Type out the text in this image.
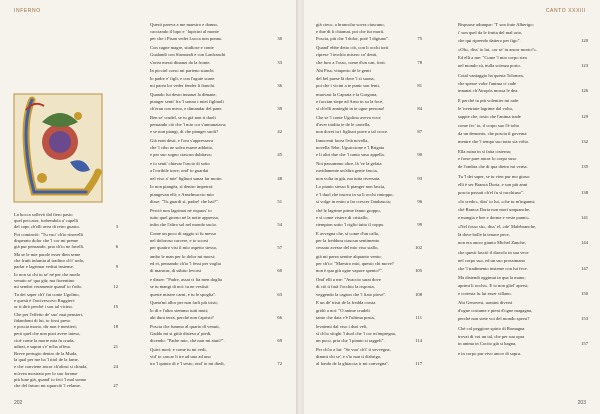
INFERNO
202
La bocca sollevò dal fiero pasto
quel peccator, forbendola a' capelli
del capo ch'elli avea di retro guasto.
Poi cominciò: "Tu vuo' ch'io rinovelli
disperato dolor che 'l cor mi preme
già pur pensando, pria ch'io ne favelli.
Ma se le mie parole esser dien seme
che frutti infamia al traditor ch'i' rodo,
parlar e lagrimar vedrai insieme.
Io non so chi tu se' né per che modo
venuto se' qua giù; ma fiorentino
mi sembri veramente quand' io t'odo.
Tu dei saper ch'i' fui conte Ugolino,
e questi è l'arcivescovo Ruggieri:
or ti dirò perché i son tal vicino.
Che per l'effetto de' suo' mai pensieri,
fidandomi di lui, io fossi preso
e poscia morto, dir non è mestieri;
però quel che non puoi avere inteso,
cioè come la morte mia fu cruda,
udirai, e saprai s'e' m'ha offeso.
Breve pertugio dentro de la Muda,
la qual per me ha 'l titol de la fame,
e che conviene ancor ch'altrui si chiuda,
m'avea mostrato per lo suo forame
più lune già, quand' io feci 'l mal sonno
che del futuro mi squarciò 'l velame.
3
6
9
12
15
18
21
24
27
Questi pareva a me maestro e donno,
cacciando il lupo e ' lupicini al monte
per che i Pisan veder Lucca non ponno.
Con cagne magre, studiose e conte
Gualandi con Sismondi e con Lanfranchi
s'avea messi dinanzi da la fronte.
In picciol corso mi parieno stanchi
lo padre e' figli, e con l'agute scane
mi parea lor veder fender li fianchi.
Quando fui desto innanzi la dimane,
pianger senti' fra 'l sonno i miei figliuoli
ch'eran con meco, e dimandar del pane.
Ben se' crudel, se tu già non ti duoli
pensando ciò che 'l mio cor s'annunziava;
e se non piangi, di che pianger suoli?
Già eran desti, e l'ora s'appressava
che 'l cibo ne solea essere addotto,
e per suo sogno ciascun dubitava;
e io senti' chiavar l'uscio di sotto
a l'orribile torre; ond' io guardai
nel viso a' mie' figliuoi sanza far motto.
Io non piangëa, sì dentro impetrai:
piangevan elli; e Anselmuccio mio
disse: "Tu guardi sì, padre! che hai?".
Perciò non lagrimai né rispuos' io
tutto quel giorno né la notte appresso,
infin che l'altro sol nel mondo uscìo.
Come un poco di raggio si fu messo
nel doloroso carcere, e io scorsi
per quattro visi il mio aspetto stesso,
ambo le man per lo dolor mi morsi;
ed ei, pensando ch'io 'l fessi per voglia
di manicar, di sùbito levorsi
e disser: "Padre, assai ci fia men doglia
se tu mangi di noi: tu ne vestisti
queste misere carni, e tu le spoglia".
Queta'mi allor per non farli più tristi;
lo dì e l'altro stemmo tutti muti;
ahi dura terra, perché non t'apristi?
Poscia che fummo al quarto dì venuti,
Gaddo mi si gittò disteso a' piedi,
dicendo: "Padre mio, ché non mi aiuti?".
Quivi morì; e come tu mi vedi,
vid' io cascar li tre ad uno ad uno
tra 'l quinto dì e 'l sesto; ond' io mi diedi,
30
33
36
39
42
45
48
51
54
57
60
63
66
69
72
CANTO XXXIII
203
già cieco, a brancolar sovra ciascuno,
e due dì li chiamai, poi che fur morti.
Poscia, più che 'l dolor, poté 'l digiuno".
Quand' ebbe detto ciò, con li occhi torti
riprese 'l teschio misero co' denti,
che furo a l'osso, come d'un can, forti.
Ahi Pisa, vituperio de le genti
del bel paese là dove 'l sì suona,
poi che i vicini a te punir son lenti,
muovasi la Capraia e la Gorgona,
e faccian siepe ad Arno in su la foce,
sì ch'elli annieghi in te ogne persona!
Che se 'l conte Ugolino aveva voce
d'aver tradita te de le castella,
non dovei tu i figliuoi porre a tal croce.
Innocenti facea l'età novella,
novella Tebe, Uguiccione e 'l Brigata
e li altri due che 'l canto suso appella.
Noi passammo oltre, là 've la gelata
ruvidamente un'altra gente fascia,
non volta in giù, ma tutta riversata.
Lo pianto stesso lì pianger non lascia,
e 'l duol che truova in su li occhi rintoppo,
si volge in entro a far crescer l'ambascia;
ché le lagrime prime fanno groppo,
e sì come visiere di cristallo,
riempion sotto 'l ciglio tutto il coppo.
E avvegna che, sì come d'un callo,
per la freddura ciascun sentimento
cessato avesse del mio viso stallo,
già mi parea sentire alquanto vento;
per ch'io: "Maestro mio, questo chi move?
non è qua giù ogne vapore spento?".
Ond' elli a me: "Avaccio sarai dove
di ciò ti farà l'occhio la risposta,
veggendo la cagion che 'l fiato piove".
E un de' tristi de la fredda crosta
gridò a noi: "O anime crudeli
tanto che data v'è l'ultima posta,
levatemi dal viso i duri veli,
sì ch'io sfoghi 'l duol che 'l cor m'impregna,
un poco, pria che 'l pianto si raggeli".
Per ch'io a lui: "Se vuo' ch'i' ti sovvegna,
dimmi chi se', e s'io non ti disbrigo,
al fondo de la ghiaccia ir mi convegna".
75
78
81
84
87
90
93
96
99
102
105
108
111
114
117
Rispuose adunque: "I' son frate Alberigo;
i' son quel da le frutta del mal orto,
che qui riprendo dattero per figo".
«Oh», diss' io lui, «or se' tu ancor morto?».
Ed elli a me: "Come 'l mio corpo stea
nel mondo sù, nulla scïenza porto.
Cotal vantaggio ha questa Tolomea,
che spesse volte l'anima ci cade
innanzi ch'Atropòs mossa le dea.
E perché tu più volentier mi rade
le 'nvetriate lagrime dal volto,
sappie che, tosto che l'anima trade
come fec' io, il corpo suo l'è tolto
da un demonio, che poscia il governa
mentre che 'l tempo suo tutto sia vòlto.
Ella ruina in sì fatta cisterna;
e forse pare ancor lo corpo suso
de l'ombra che di qua dietro mi verna.
Tu 'l dei saper, se tu vien pur mo giuso:
elli è ser Branca Doria, e son più anni
poscia passati ch'el fu sì racchiuso".
«Io credo», diss' io lui, «che tu m'inganni;
ché Branca Doria non morì unquanche,
e mangia e bee e dorme e veste panni».
«Nel fosso sù», diss' el, «de' Malebranche,
là dove bolle la tenace pece,
non era ancor giunto Michel Zanche,
che questi lasciò il diavolo in sua vece
nel corpo suo, ed un suo prossimano
che 'l tradimento insieme con lui fece.
Ma distendi oggimai in qua la mano;
aprimi li occhi». E io non gliel' apersi;
e cortesia fu lui esser villano.
Ahi Genovesi, uomini diversi
d'ogne costume e pieni d'ogne magagna,
perché non siete voi del mondo spersi?
Ché col peggiore spirto di Romagna
trovai di voi un tal, che per sua opra
in anima in Cocito già si bagna,
e in corpo par vivo ancor di sopra.
120
123
126
129
132
135
138
141
144
147
150
153
157
